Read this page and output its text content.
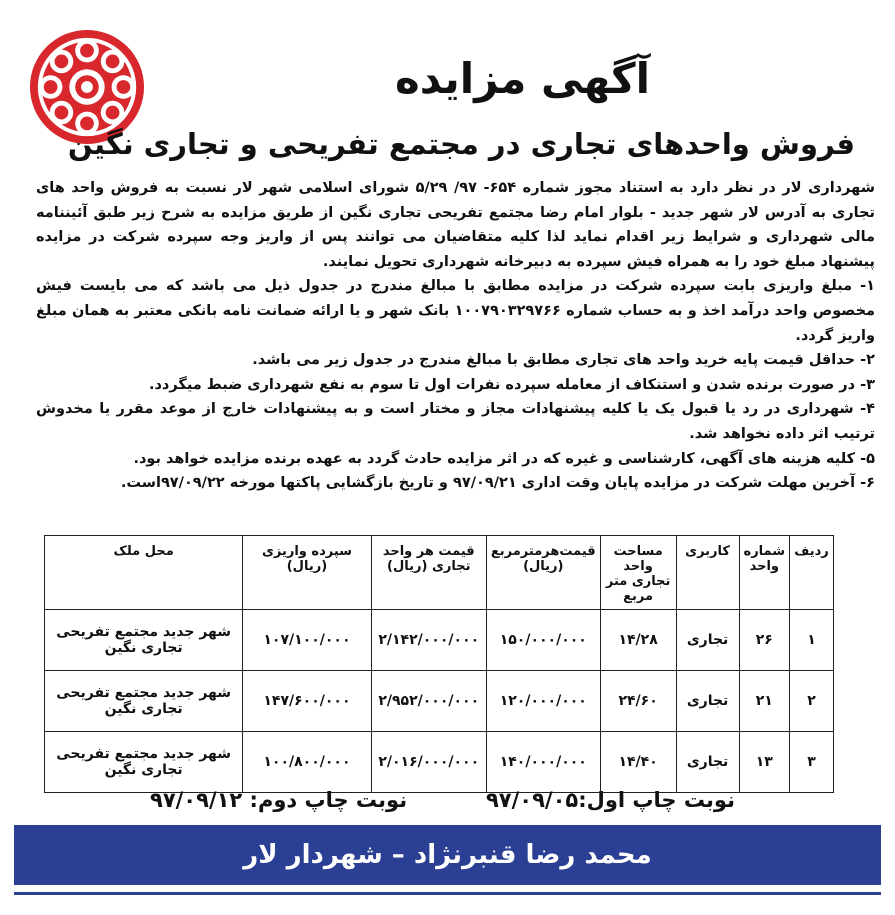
آگهی مزایده
فروش واحدهای تجاری در مجتمع تفریحی و تجاری نگین

شهرداری لار در نظر دارد به استناد مجوز شماره ۶۵۴- ۹۷/ ۵/۲۹ شورای اسلامی شهر لار نسبت به فروش واحد های تجاری به آدرس لار شهر جدید - بلوار امام رضا مجتمع تفریحی تجاری نگین از طریق مزایده به شرح زیر طبق آئیننامه مالی شهرداری و شرایط زیر اقدام نماید لذا کلیه متقاضیان می توانند پس از واریز وجه سپرده شرکت در مزایده پیشنهاد مبلغ خود را به همراه فیش سپرده به دبیرخانه شهرداری تحویل نمایند.

۱- مبلغ واریزی بابت سپرده شرکت در مزایده مطابق با مبالغ مندرج در جدول ذیل می باشد که می بایست فیش مخصوص واحد درآمد اخذ و به حساب شماره ۱۰۰۷۹۰۳۲۹۷۶۶ بانک شهر و یا ارائه ضمانت نامه بانکی معتبر به همان مبلغ واریز گردد.

۲- حداقل قیمت پایه خرید واحد های تجاری مطابق با مبالغ مندرج در جدول زیر می باشد.

۳- در صورت برنده شدن و استنکاف از معامله سپرده نفرات اول تا سوم به نفع شهرداری ضبط میگردد.

۴- شهرداری در رد یا قبول یک یا کلیه پیشنهادات مجاز و مختار است و به پیشنهادات خارج از موعد مقرر یا مخدوش ترتیب اثر داده نخواهد شد.

۵- کلیه هزینه های آگهی، کارشناسی و غیره که در اثر مزایده حادث گردد به عهده برنده مزایده خواهد بود.

۶- آخرین مهلت شرکت در مزایده پایان وقت اداری ۹۷/۰۹/۲۱ و تاریخ بازگشایی پاکتها مورخه ۹۷/۰۹/۲۲است.

ردیف	شماره واحد	کاربری	مساحت واحد تجاری متر مربع	قیمت‌هرمترمربع (ریال)	قیمت هر واحد تجاری (ریال)	سپرده واریزی (ریال)	محل ملک
۱	۲۶	تجاری	۱۴/۲۸	۱۵۰/۰۰۰/۰۰۰	۲/۱۴۲/۰۰۰/۰۰۰	۱۰۷/۱۰۰/۰۰۰	شهر جدید مجتمع تفریحی تجاری نگین
۲	۲۱	تجاری	۲۴/۶۰	۱۲۰/۰۰۰/۰۰۰	۲/۹۵۲/۰۰۰/۰۰۰	۱۴۷/۶۰۰/۰۰۰	شهر جدید مجتمع تفریحی تجاری نگین
۳	۱۳	تجاری	۱۴/۴۰	۱۴۰/۰۰۰/۰۰۰	۲/۰۱۶/۰۰۰/۰۰۰	۱۰۰/۸۰۰/۰۰۰	شهر جدید مجتمع تفریحی تجاری نگین
نوبت چاپ اول:۹۷/۰۹/۰۵
نوبت چاپ دوم: ۹۷/۰۹/۱۲
محمد رضا قنبرنژاد – شهردار لار
